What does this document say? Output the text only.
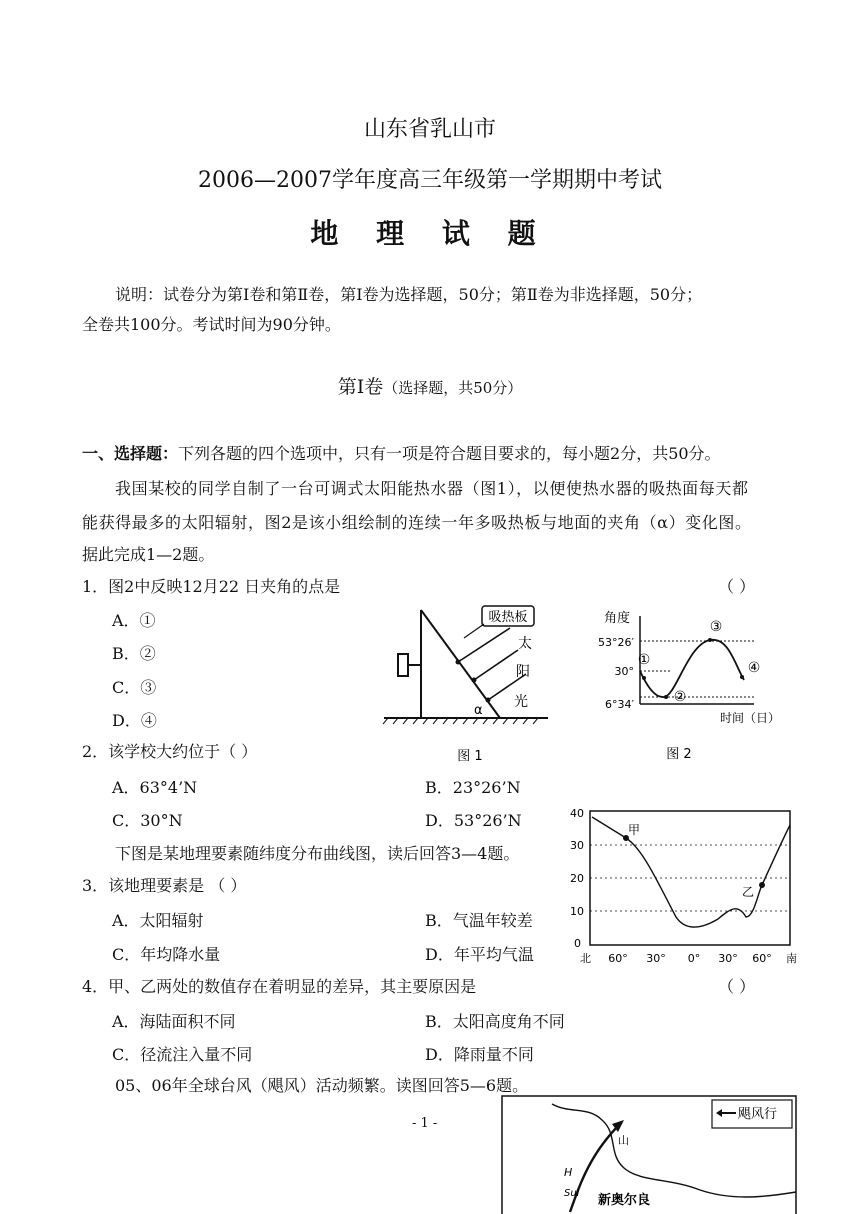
山东省乳山市
2006—2007学年度高三年级第一学期期中考试
地 理 试 题
说明：试卷分为第Ⅰ卷和第Ⅱ卷，第Ⅰ卷为选择题，50分；第Ⅱ卷为非选择题，50分；
全卷共100分。考试时间为90分钟。
第Ⅰ卷（选择题，共50分）
一、选择题：下列各题的四个选项中，只有一项是符合题目要求的，每小题2分，共50分。
我国某校的同学自制了一台可调式太阳能热水器（图1），以便使热水器的吸热面每天都
能获得最多的太阳辐射，图2是该小组绘制的连续一年多吸热板与地面的夹角（α）变化图。
据此完成1—2题。
1．图2中反映12月22 日夹角的点是	（ ）
A．①
B．②
C．③
D．④
吸热板
太
阳
光
α
图 1
角度
53°26′
30°
6°34′
①
②
③
④
时间（日）
图 2
2．该学校大约位于（ ）
A．63°4’N	B．23°26’N
C．30°N	D．53°26’N
下图是某地理要素随纬度分布曲线图，读后回答3—4题。
3．该地理要素是 （ ）
A．太阳辐射	B．气温年较差
C．年均降水量	D．年平均气温
40
30
20
10
0
甲
乙
北 60° 30° 0° 30° 60° 南
4．甲、乙两处的数值存在着明显的差异，其主要原因是	（ ）
A．海陆面积不同	B．太阳高度角不同
C．径流注入量不同	D．降雨量不同
05、06年全球台风（飓风）活动频繁。读图回答5—6题。
- 1 -
飓风行
山
H
Sul 新奥尔良
